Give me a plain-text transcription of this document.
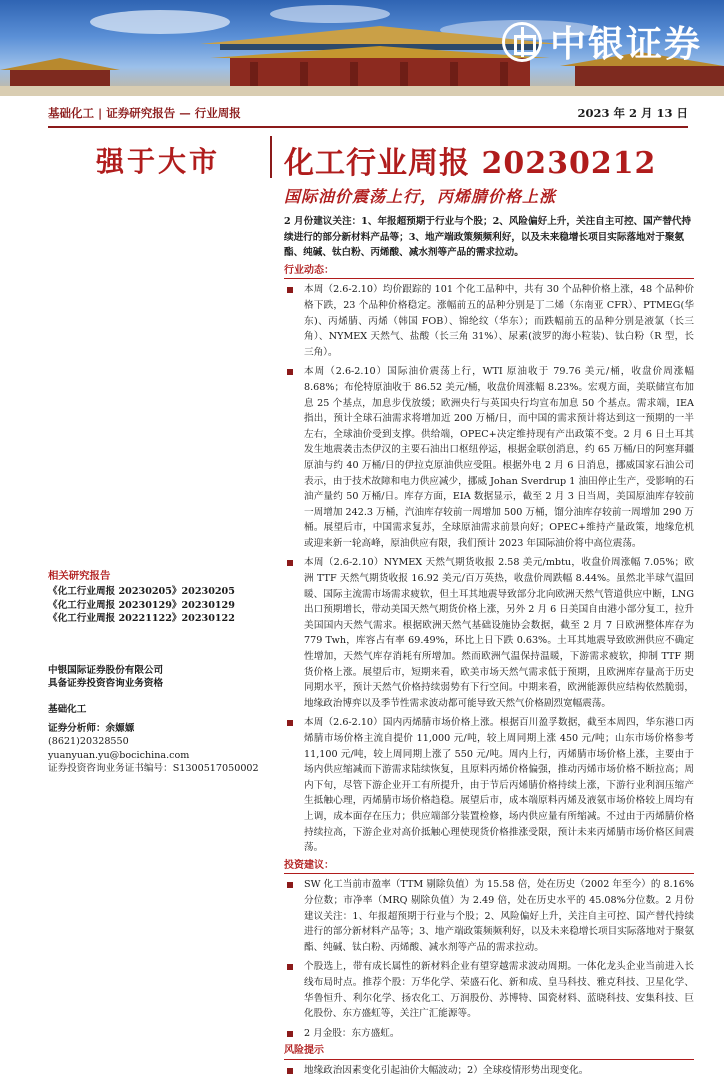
中银证券
基础化工 | 证券研究报告 — 行业周报	2023 年 2 月 13 日
强于大市 化工行业周报 20230212
国际油价震荡上行，丙烯腈价格上涨

2 月份建议关注：1、年报超预期于行业与个股；2、风险偏好上升，关注自主可控、国产替代持续进行的部分新材料产品等；3、地产端政策频频利好，以及未来稳增长项目实际落地对于聚氨酯、纯碱、钛白粉、丙烯酸、减水剂等产品的需求拉动。

行业动态：
本周（2.6-2.10）均价跟踪的 101 个化工品种中，共有 30 个品种价格上涨，48 个品种价格下跌，23 个品种价格稳定。涨幅前五的品种分别是丁二烯（东南亚 CFR）、PTMEG(华东)、丙烯腈、丙烯（韩国 FOB）、锦纶纹（华东）；而跌幅前五的品种分别是液氯（长三角）、NYMEX 天然气、盐酸（长三角 31%）、尿素(波罗的海小粒装)、钛白粉（R 型，长三角）。
本周（2.6-2.10）国际油价震荡上行，WTI 原油收于 79.76 美元/桶，收盘价周涨幅 8.68%；布伦特原油收于 86.52 美元/桶，收盘价周涨幅 8.23%。宏观方面，美联储宣布加息 25 个基点，加息步伐放缓；欧洲央行与英国央行均宣布加息 50 个基点。需求端，IEA 指出，预计全球石油需求将增加近 200 万桶/日，而中国的需求预计将达到这一预期的一半左右，全球油价受到支撑。供给端，OPEC+决定维持现有产出政策不变。2 月 6 日土耳其发生地震袭击杰伊汉的主要石油出口枢纽停运，根据金联创消息，约 65 万桶/日的阿塞拜疆原油与约 40 万桶/日的伊拉克原油供应受阻。根据外电 2 月 6 日消息，挪威国家石油公司表示，由于技术故障和电力供应减少，挪威 Johan Sverdrup 1 油田停止生产，受影响的石油产量约 50 万桶/日。库存方面，EIA 数据显示，截至 2 月 3 日当周，美国原油库存较前一周增加 242.3 万桶，汽油库存较前一周增加 500 万桶，馏分油库存较前一周增加 290 万桶。展望后市，中国需求复苏，全球原油需求前景向好；OPEC+维持产量政策，地缘危机或迎来新一轮高峰，原油供应有限，我们预计 2023 年国际油价将中高位震荡。
本周（2.6-2.10）NYMEX 天然气期货收报 2.58 美元/mbtu，收盘价周涨幅 7.05%；欧洲 TTF 天然气期货收报 16.92 美元/百万英热，收盘价周跌幅 8.44%。虽然北半球气温回暖、国际主流需市场需求疲软，但土耳其地震导致部分北向欧洲天然气管道供应中断，LNG 出口预期增长，带动美国天然气期货价格上涨，另外 2 月 6 日美国自由港小部分复工，拉升美国国内天然气需求。根据欧洲天然气基础设施协会数据，截至 2 月 7 日欧洲整体库存为 779 Twh，库容占有率 69.49%，环比上日下跌 0.63%。土耳其地震导致欧洲供应不确定性增加，天然气库存消耗有所增加。然而欧洲气温保持温暖，下游需求疲软，抑制 TTF 期货价格上涨。展望后市，短期来看，欧美市场天然气需求低于预期，且欧洲库存量高于历史同期水平，预计天然气价格持续弱势有下行空间。中期来看，欧洲能源供应结构依然脆弱，地缘政治博弈以及季节性需求波动都可能导致天然气价格剧烈宽幅震荡。
本周（2.6-2.10）国内丙烯腈市场价格上涨。根据百川盈孚数据，截至本周四，华东港口丙烯腈市场价格主流自提价 11,000 元/吨，较上周同期上涨 450 元/吨；山东市场价格参考 11,100 元/吨，较上周同期上涨了 550 元/吨。周内上行，丙烯腈市场价格上涨，主要由于场内供应缩减而下游需求陆续恢复，且原料丙烯价格偏强，推动丙烯市场价格不断拉高；周内下旬，尽管下游企业开工有所提升，由于节后丙烯腈价格持续上涨，下游行业利润压缩产生抵触心理，丙烯腈市场价格趋稳。展望后市，成本端原料丙烯及液氨市场价格较上周均有上调，成本面存在压力；供应端部分装置检修，场内供应量有所缩减。不过由于丙烯腈价格持续拉高，下游企业对高价抵触心理使现货价格推涨受限，预计未来丙烯腈市场价格区间震荡。
投资建议：
SW 化工当前市盈率（TTM 剔除负值）为 15.58 倍，处在历史（2002 年至今）的 8.16% 分位数；市净率（MRQ 剔除负值）为 2.49 倍，处在历史水平的 45.08%分位数。2 月份建议关注：1、年报超预期于行业与个股；2、风险偏好上升，关注自主可控、国产替代持续进行的部分新材料产品等；3、地产端政策频频利好，以及未来稳增长项目实际落地对于聚氨酯、纯碱、钛白粉、丙烯酸、减水剂等产品的需求拉动。
个股选上，带有成长属性的新材料企业有望穿越需求波动周期。一体化龙头企业当前进入长线布局时点。推荐个股：万华化学、荣盛石化、新和成、皇马科技、雅克科技、卫星化学、华鲁恒升、利尔化学、扬农化工、万润股份、苏博特、国瓷材料、蓝晓科技、安集科技、巨化股份、东方盛虹等，关注广汇能源等。
2 月金股：东方盛虹。
风险提示
地缘政治因素变化引起油价大幅波动；2）全球疫情形势出现变化。
相关研究报告
《化工行业周报 20230205》20230205
《化工行业周报 20230129》20230129
《化工行业周报 20221122》20230122
中银国际证券股份有限公司
具备证券投资咨询业务资格
基础化工
证券分析师：余嫄嫄
(8621)20328550
yuanyuan.yu@bocichina.com
证券投资咨询业务证书编号：S1300517050002
